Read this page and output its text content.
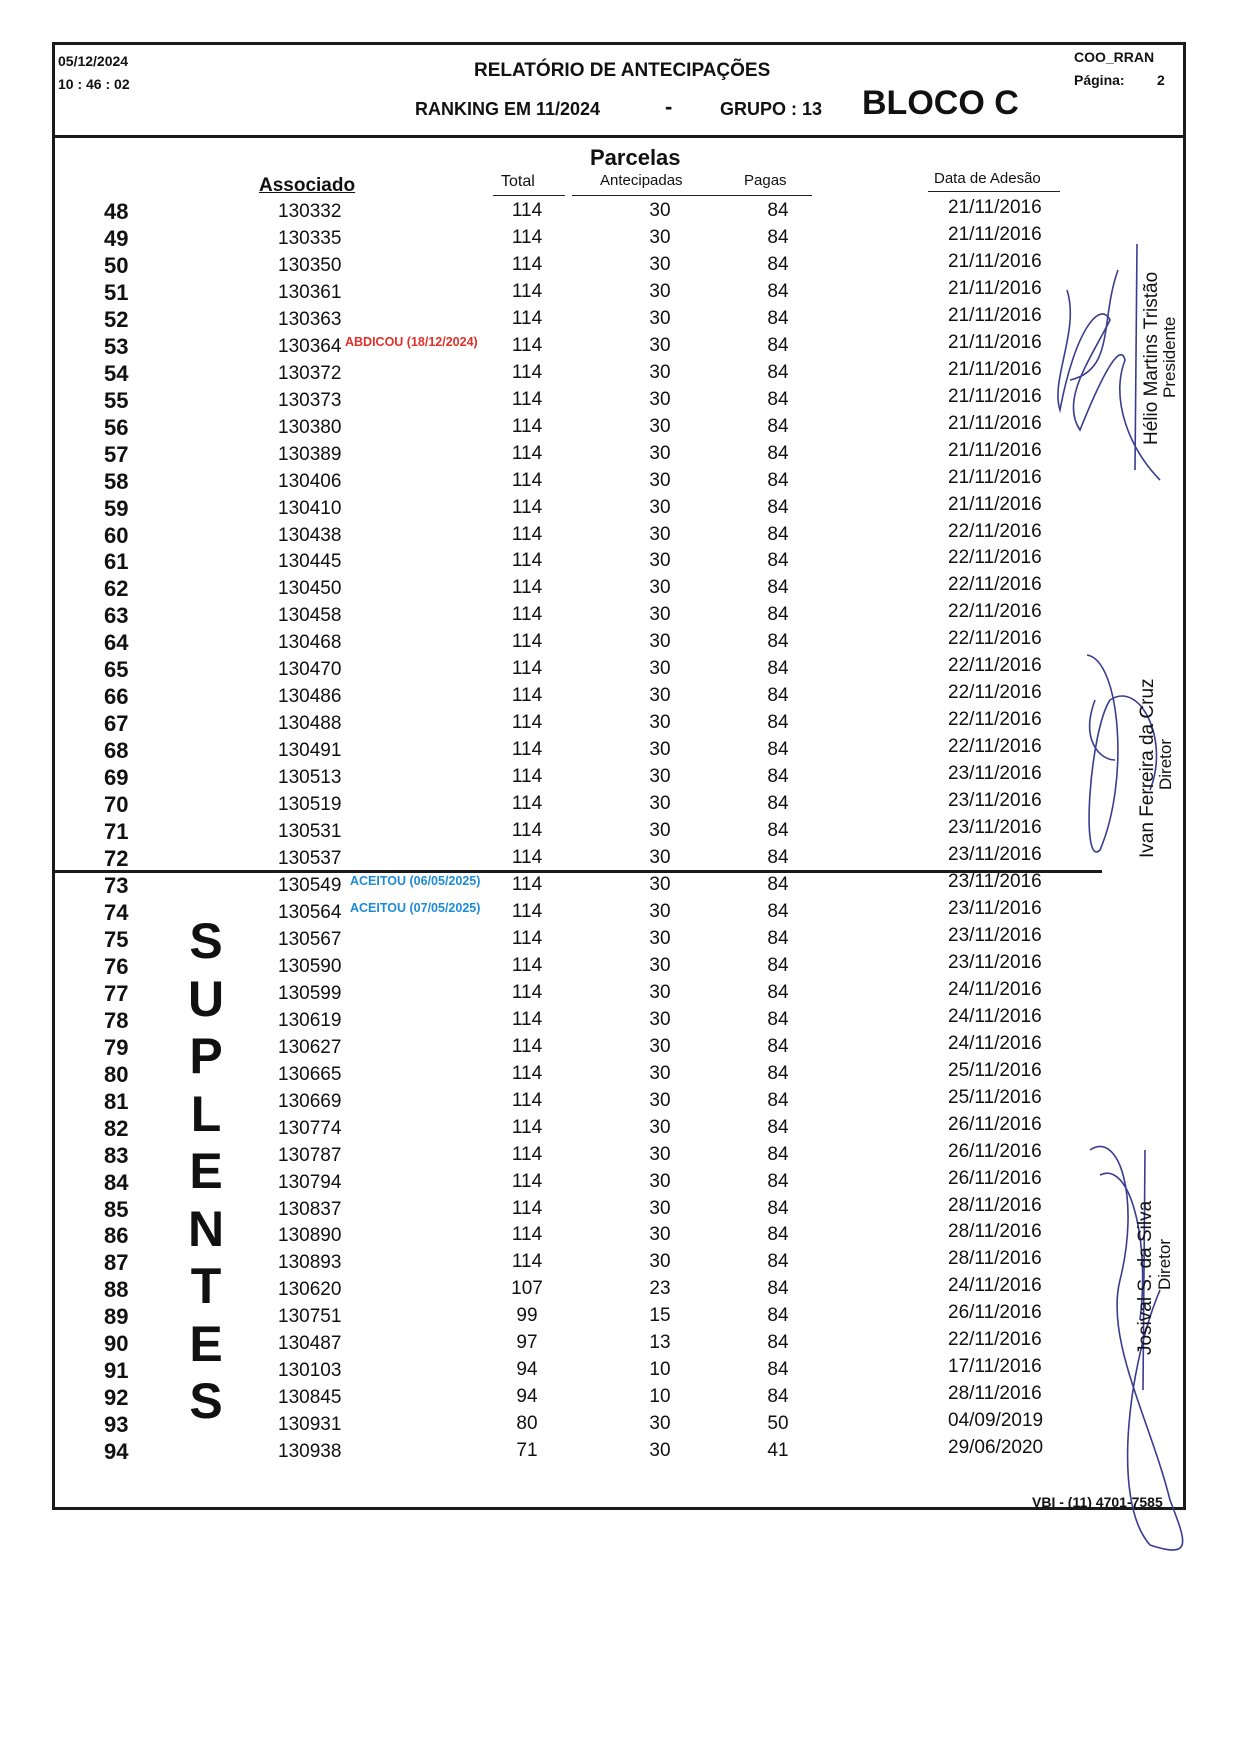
05/12/2024
10 : 46 : 02
RELATÓRIO DE ANTECIPAÇÕES
RANKING EM 11/2024	-	GRUPO : 13 BLOCO C
COO_RRAN
Página: 2
Parcelas
Associado	Total	Antecipadas	Pagas	Data de Adesão
48	130332	114	30	84	21/11/2016
49	130335	114	30	84	21/11/2016
50	130350	114	30	84	21/11/2016
51	130361	114	30	84	21/11/2016
52	130363	114	30	84	21/11/2016
53	130364	114	30	84	21/11/2016
ABDICOU (18/12/2024)
54	130372	114	30	84	21/11/2016
55	130373	114	30	84	21/11/2016
56	130380	114	30	84	21/11/2016
57	130389	114	30	84	21/11/2016
58	130406	114	30	84	21/11/2016
59	130410	114	30	84	21/11/2016
60	130438	114	30	84	22/11/2016
61	130445	114	30	84	22/11/2016
62	130450	114	30	84	22/11/2016
63	130458	114	30	84	22/11/2016
64	130468	114	30	84	22/11/2016
65	130470	114	30	84	22/11/2016
66	130486	114	30	84	22/11/2016
67	130488	114	30	84	22/11/2016
68	130491	114	30	84	22/11/2016
69	130513	114	30	84	23/11/2016
70	130519	114	30	84	23/11/2016
71	130531	114	30	84	23/11/2016
72	130537	114	30	84	23/11/2016
73	130549	114	30	84	23/11/2016
ACEITOU (06/05/2025)
74	130564	114	30	84	23/11/2016
ACEITOU (07/05/2025)
75	130567	114	30	84	23/11/2016
76	130590	114	30	84	23/11/2016
77	130599	114	30	84	24/11/2016
78	130619	114	30	84	24/11/2016
79	130627	114	30	84	24/11/2016
80	130665	114	30	84	25/11/2016
81	130669	114	30	84	25/11/2016
82	130774	114	30	84	26/11/2016
83	130787	114	30	84	26/11/2016
84	130794	114	30	84	26/11/2016
85	130837	114	30	84	28/11/2016
86	130890	114	30	84	28/11/2016
87	130893	114	30	84	28/11/2016
88	130620	107	23	84	24/11/2016
89	130751	99	15	84	26/11/2016
90	130487	97	13	84	22/11/2016
91	130103	94	10	84	17/11/2016
92	130845	94	10	84	28/11/2016
93	130931	80	30	50	04/09/2019
94	130938	71	30	41	29/06/2020
S
U
P
L
E
N
T
E
S
Hélio Martins Tristão
Presidente
Ivan Ferreira da Cruz
Diretor
Josival S. da Silva Diretor
VBI - (11) 4701-7585
